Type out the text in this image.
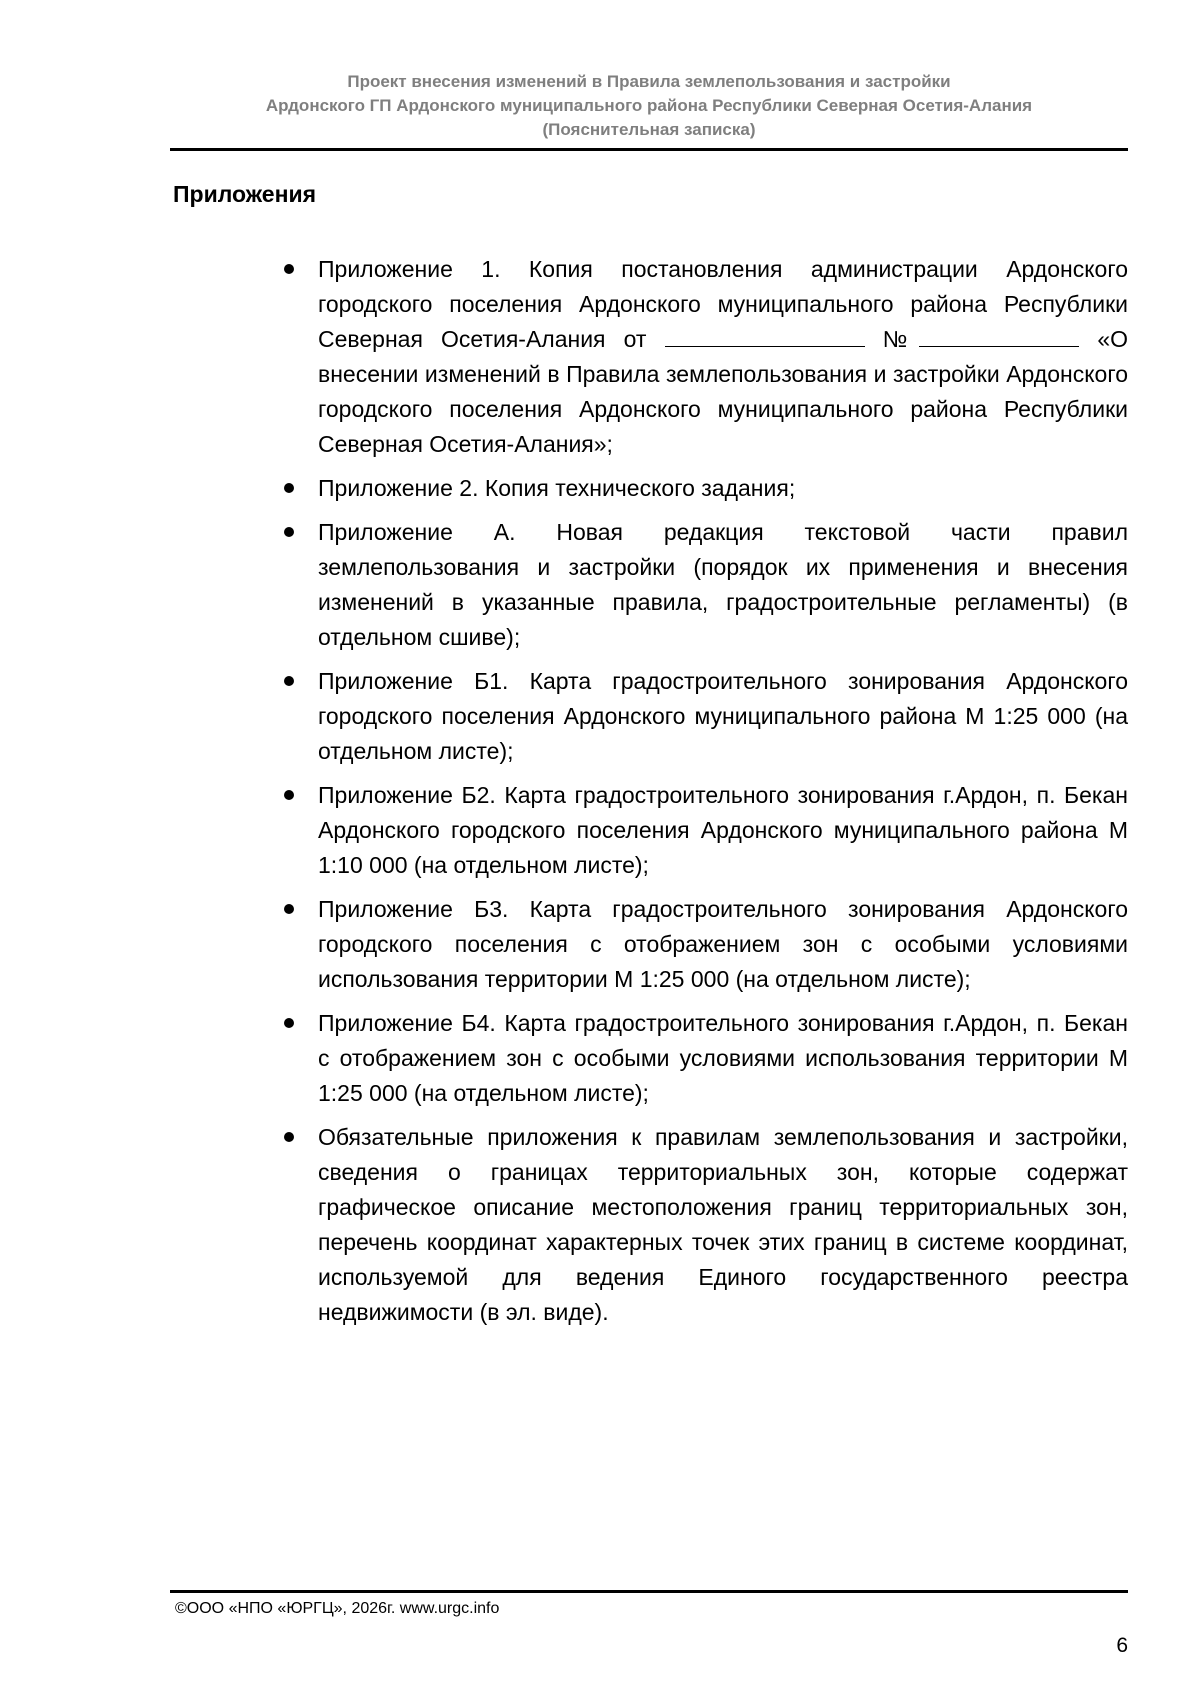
Проект внесения изменений в Правила землепользования и застройки
Ардонского ГП Ардонского муниципального района Республики Северная Осетия-Алания
(Пояснительная записка)
Приложения
Приложение 1. Копия постановления администрации Ардонского городского поселения Ардонского муниципального района Республики Северная Осетия-Алания от	№	«О внесении изменений в Правила землепользования и застройки Ардонского городского поселения Ардонского муниципального района Республики Северная Осетия-Алания»;
Приложение 2. Копия технического задания;
Приложение А. Новая редакция текстовой части правил землепользования и застройки (порядок их применения и внесения изменений в указанные правила, градостроительные регламенты) (в отдельном сшиве);
Приложение Б1. Карта градостроительного зонирования Ардонского городского поселения Ардонского муниципального района М 1:25 000 (на отдельном листе);
Приложение Б2. Карта градостроительного зонирования г.Ардон, п. Бекан Ардонского городского поселения Ардонского муниципального района М 1:10 000 (на отдельном листе);
Приложение Б3. Карта градостроительного зонирования Ардонского городского поселения с отображением зон с особыми условиями использования территории М 1:25 000 (на отдельном листе);
Приложение Б4. Карта градостроительного зонирования г.Ардон, п. Бекан с отображением зон с особыми условиями использования территории М 1:25 000 (на отдельном листе);
Обязательные приложения к правилам землепользования и застройки, сведения о границах территориальных зон, которые содержат графическое описание местоположения границ территориальных зон, перечень координат характерных точек этих границ в системе координат, используемой для ведения Единого государственного реестра недвижимости (в эл. виде).
©ООО «НПО «ЮРГЦ», 2026г. www.urgc.info
6
